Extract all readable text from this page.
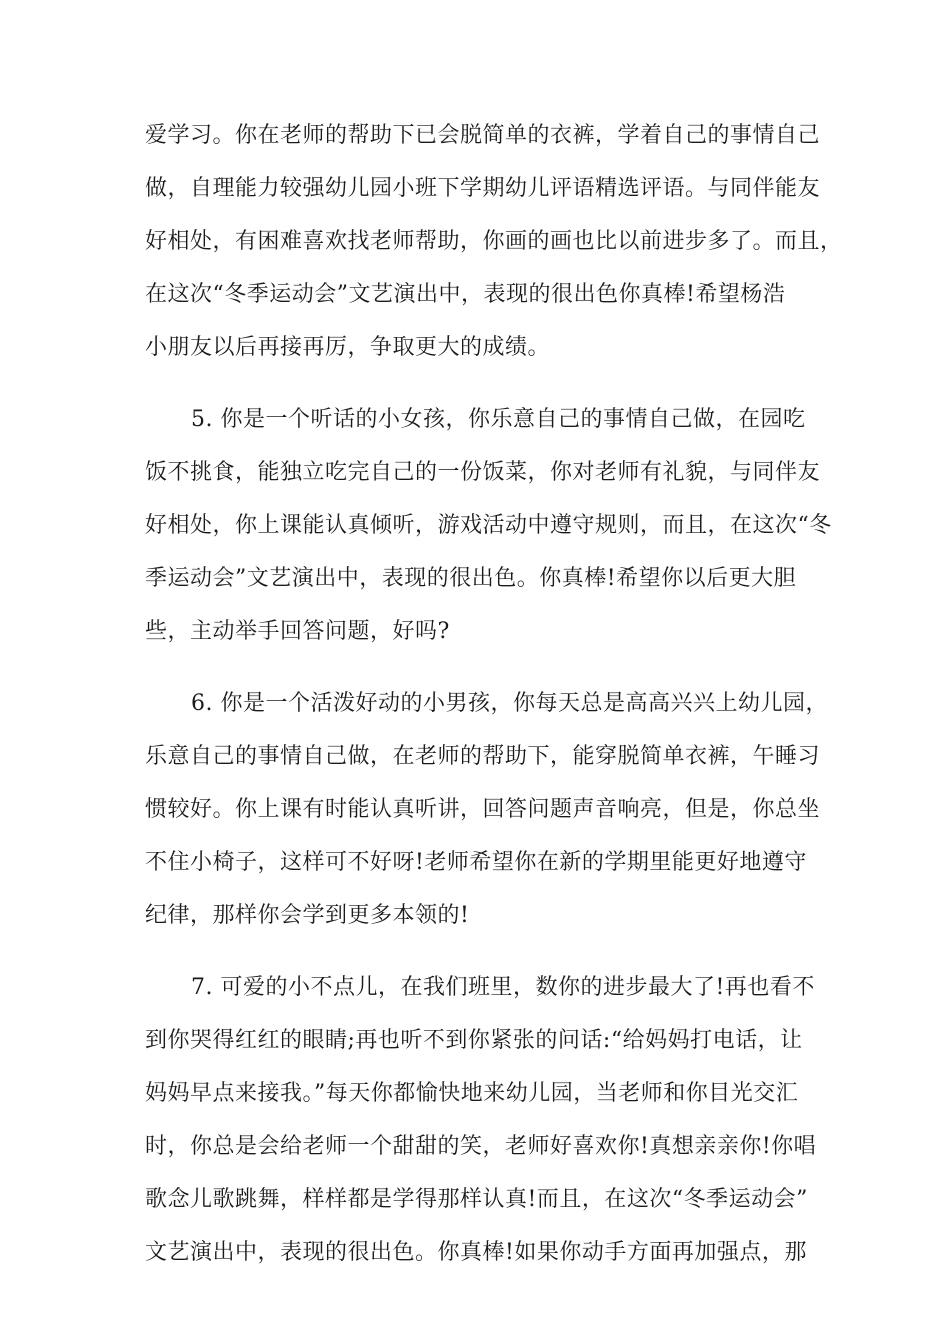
爱学习。你在老师的帮助下已会脱简单的衣裤，学着自己的事情自己
做，自理能力较强幼儿园小班下学期幼儿评语精选评语。与同伴能友
好相处，有困难喜欢找老师帮助，你画的画也比以前进步多了。而且，
在这次“冬季运动会”文艺演出中，表现的很出色你真棒!希望杨浩
小朋友以后再接再厉，争取更大的成绩。
5. 你是一个听话的小女孩，你乐意自己的事情自己做，在园吃
饭不挑食，能独立吃完自己的一份饭菜，你对老师有礼貌，与同伴友
好相处，你上课能认真倾听，游戏活动中遵守规则，而且，在这次“冬
季运动会”文艺演出中，表现的很出色。你真棒!希望你以后更大胆
些，主动举手回答问题，好吗?
6. 你是一个活泼好动的小男孩，你每天总是高高兴兴上幼儿园，
乐意自己的事情自己做，在老师的帮助下，能穿脱简单衣裤，午睡习
惯较好。你上课有时能认真听讲，回答问题声音响亮，但是，你总坐
不住小椅子，这样可不好呀!老师希望你在新的学期里能更好地遵守
纪律，那样你会学到更多本领的!
7. 可爱的小不点儿，在我们班里，数你的进步最大了!再也看不
到你哭得红红的眼睛;再也听不到你紧张的问话:“给妈妈打电话，让
妈妈早点来接我。”每天你都愉快地来幼儿园，当老师和你目光交汇
时，你总是会给老师一个甜甜的笑，老师好喜欢你!真想亲亲你!你唱
歌念儿歌跳舞，样样都是学得那样认真!而且，在这次“冬季运动会”
文艺演出中，表现的很出色。你真棒!如果你动手方面再加强点，那
